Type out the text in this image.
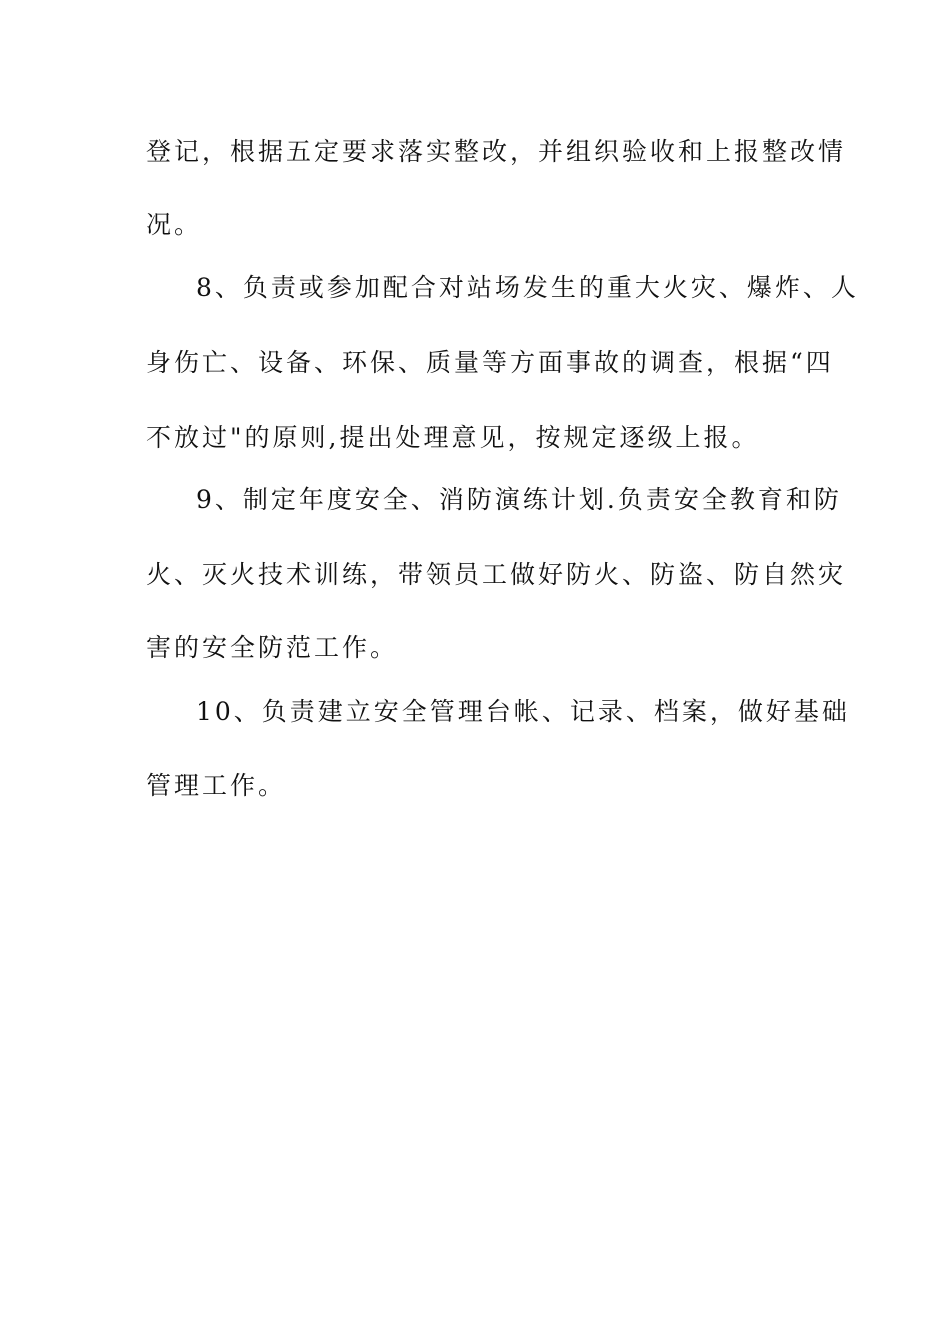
登记，根据五定要求落实整改，并组织验收和上报整改情
况。
8、负责或参加配合对站场发生的重大火灾、爆炸、人
身伤亡、设备、环保、质量等方面事故的调查，根据“四
不放过"的原则,提出处理意见，按规定逐级上报。
9、制定年度安全、消防演练计划.负责安全教育和防
火、灭火技术训练，带领员工做好防火、防盗、防自然灾
害的安全防范工作。
10、负责建立安全管理台帐、记录、档案，做好基础
管理工作。
